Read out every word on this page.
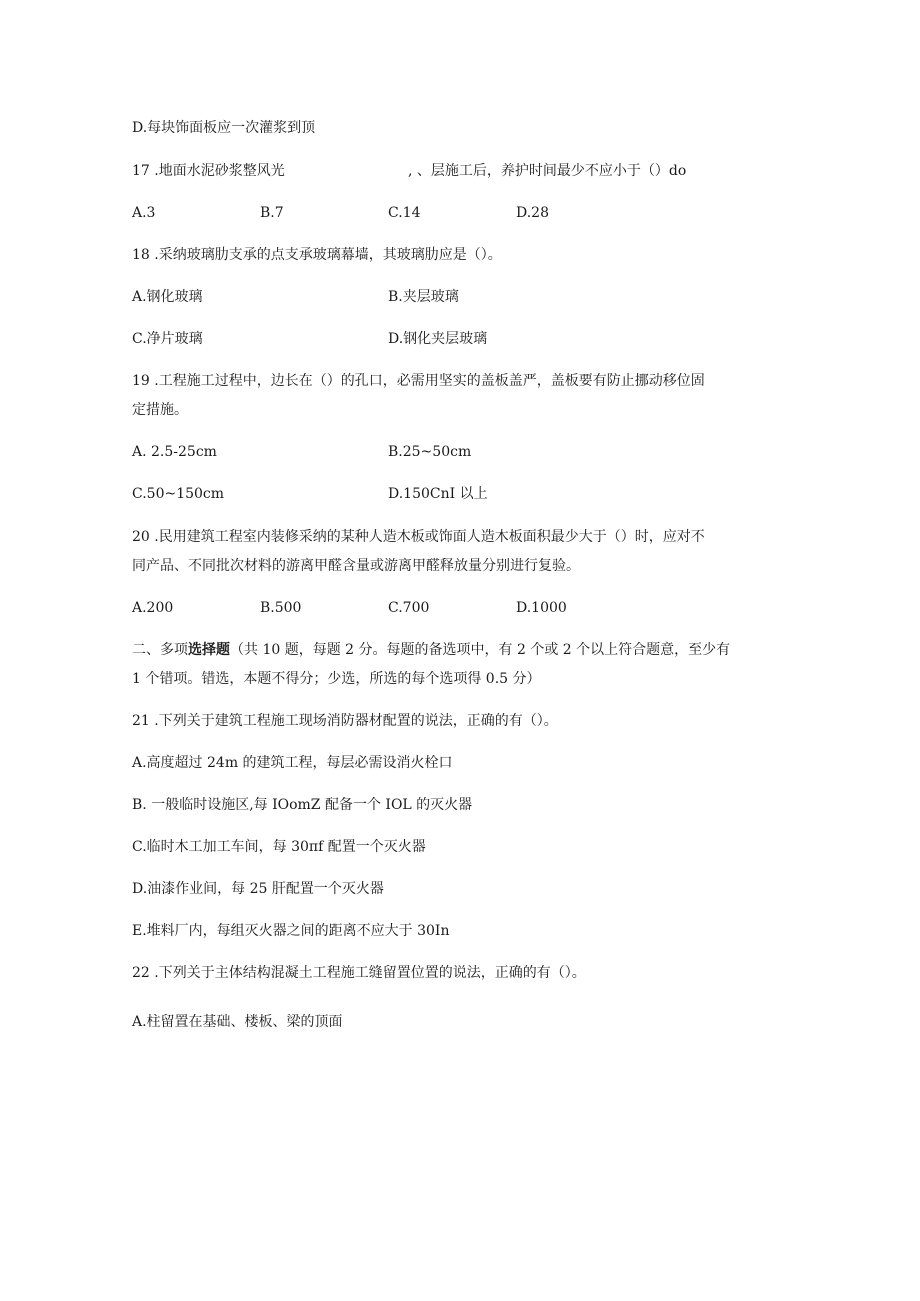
D.每块饰面板应一次灌浆到顶
17 .地面水泥砂浆整风光	, 、层施工后，养护时间最少不应小于（）do
A.3	B.7	C.14	D.28
18 .采纳玻璃肋支承的点支承玻璃幕墙，其玻璃肋应是（）。
A.钢化玻璃	B.夹层玻璃
C.净片玻璃	D.钢化夹层玻璃
19 .工程施工过程中，边长在（）的孔口，必需用坚实的盖板盖严，盖板要有防止挪动移位固
定措施。
A. 2.5-25cm	B.25~50cm
C.50~150cm	D.150CnI 以上
20 .民用建筑工程室内装修采纳的某种人造木板或饰面人造木板面积最少大于（）时，应对不
同产品、不同批次材料的游离甲醛含量或游离甲醛释放量分别进行复验。
A.200	B.500	C.700	D.1000
二、多项选择题（共 10 题，每题 2 分。每题的备选项中，有 2 个或 2 个以上符合题意，至少有
1 个错项。错选，本题不得分；少选，所选的每个选项得 0.5 分）
21 .下列关于建筑工程施工现场消防器材配置的说法，正确的有（）。
A.高度超过 24m 的建筑工程，每层必需设消火栓口
B. 一般临时设施区,每 IOomZ 配备一个 IOL 的灭火器
C.临时木工加工车间，每 30πf 配置一个灭火器
D.油漆作业间，每 25 肝配置一个灭火器
E.堆料厂内，每组灭火器之间的距离不应大于 30In
22 .下列关于主体结构混凝土工程施工缝留置位置的说法，正确的有（）。
A.柱留置在基础、楼板、梁的顶面
